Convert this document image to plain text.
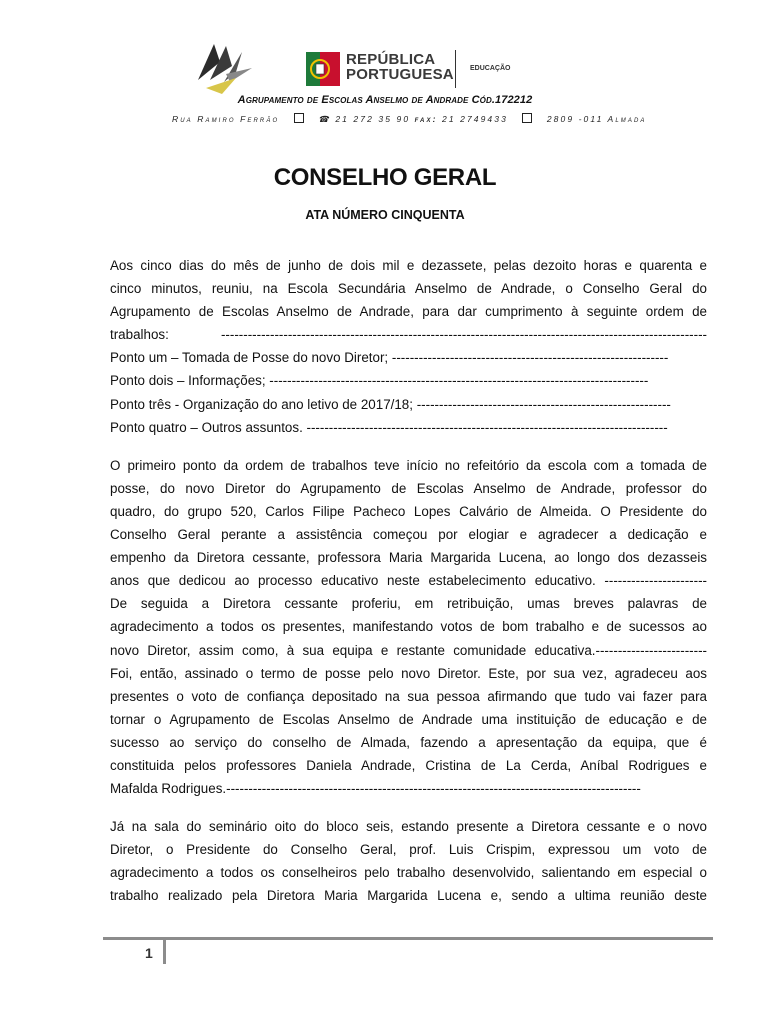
REPÚBLICA
PORTUGUESA EDUCAÇÃO
Agrupamento de Escolas Anselmo de Andrade Cód.172212
Rua Ramiro Ferrão	☎ 21 272 35 90 fax: 21 2749433	2809 -011 Almada
CONSELHO GERAL
ATA NÚMERO CINQUENTA
Aos cinco dias do mês de junho de dois mil e dezassete, pelas dezoito horas e quarenta e
cinco minutos, reuniu, na Escola Secundária Anselmo de Andrade, o Conselho Geral do
Agrupamento de Escolas Anselmo de Andrade, para dar cumprimento à seguinte ordem de
trabalhos: -------------------------------------------------------------------------------------------------------------
Ponto um – Tomada de Posse do novo Diretor; --------------------------------------------------------------
Ponto dois – Informações; -------------------------------------------------------------------------------------
Ponto três - Organização do ano letivo de 2017/18; ---------------------------------------------------------
Ponto quatro – Outros assuntos. ---------------------------------------------------------------------------------
O primeiro ponto da ordem de trabalhos teve início no refeitório da escola com a tomada de
posse, do novo Diretor do Agrupamento de Escolas Anselmo de Andrade, professor do
quadro, do grupo 520, Carlos Filipe Pacheco Lopes Calvário de Almeida. O Presidente do
Conselho Geral perante a assistência começou por elogiar e agradecer a dedicação e
empenho da Diretora cessante, professora Maria Margarida Lucena, ao longo dos dezasseis
anos que dedicou ao processo educativo neste estabelecimento educativo. -----------------------
De seguida a Diretora cessante proferiu, em retribuição, umas breves palavras de
agradecimento a todos os presentes, manifestando votos de bom trabalho e de sucessos ao
novo Diretor, assim como, à sua equipa e restante comunidade educativa.-------------------------
Foi, então, assinado o termo de posse pelo novo Diretor. Este, por sua vez, agradeceu aos
presentes o voto de confiança depositado na sua pessoa afirmando que tudo vai fazer para
tornar o Agrupamento de Escolas Anselmo de Andrade uma instituição de educação e de
sucesso ao serviço do conselho de Almada, fazendo a apresentação da equipa, que é
constituida pelos professores Daniela Andrade, Cristina de La Cerda, Aníbal Rodrigues e
Mafalda Rodrigues.---------------------------------------------------------------------------------------------
Já na sala do seminário oito do bloco seis, estando presente a Diretora cessante e o novo
Diretor, o Presidente do Conselho Geral, prof. Luis Crispim, expressou um voto de
agradecimento a todos os conselheiros pelo trabalho desenvolvido, salientando em especial o
trabalho realizado pela Diretora Maria Margarida Lucena e, sendo a ultima reunião deste
1
